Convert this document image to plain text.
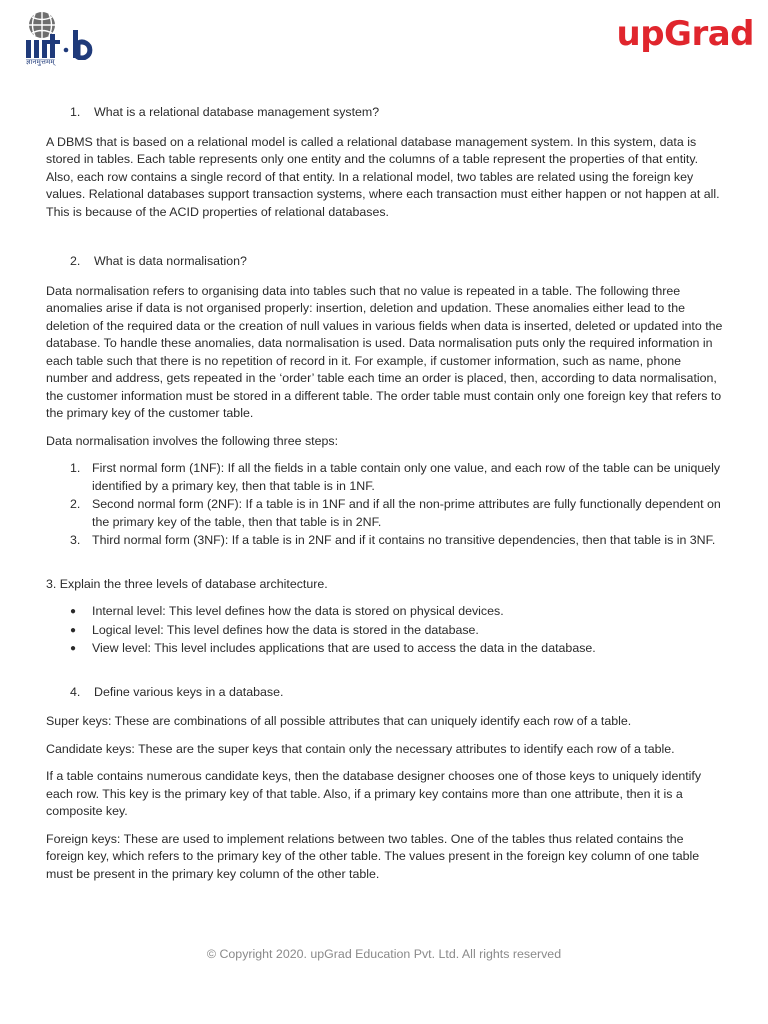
ज्ञानमुत्तमम्
upGrad
1.	What is a relational database management system?

A DBMS that is based on a relational model is called a relational database management system. In this system, data is stored in tables. Each table represents only one entity and the columns of a table represent the properties of that entity. Also, each row contains a single record of that entity. In a relational model, two tables are related using the foreign key values. Relational databases support transaction systems, where each transaction must either happen or not happen at all. This is because of the ACID properties of relational databases.

2.	What is data normalisation?

Data normalisation refers to organising data into tables such that no value is repeated in a table. The following three anomalies arise if data is not organised properly: insertion, deletion and updation. These anomalies either lead to the deletion of the required data or the creation of null values in various fields when data is inserted, deleted or updated into the database. To handle these anomalies, data normalisation is used. Data normalisation puts only the required information in each table such that there is no repetition of record in it. For example, if customer information, such as name, phone number and address, gets repeated in the ‘order’ table each time an order is placed, then, according to data normalisation, the customer information must be stored in a different table. The order table must contain only one foreign key that refers to the primary key of the customer table.

Data normalisation involves the following three steps:

1. First normal form (1NF): If all the fields in a table contain only one value, and each row of the table can be uniquely identified by a primary key, then that table is in 1NF.
2. Second normal form (2NF): If a table is in 1NF and if all the non-prime attributes are fully functionally dependent on the primary key of the table, then that table is in 2NF.
3. Third normal form (3NF): If a table is in 2NF and if it contains no transitive dependencies, then that table is in 3NF.

3. Explain the three levels of database architecture.

●	Internal level: This level defines how the data is stored on physical devices.
●	Logical level: This level defines how the data is stored in the database.
●	View level: This level includes applications that are used to access the data in the database.
4.	Define various keys in a database.

Super keys: These are combinations of all possible attributes that can uniquely identify each row of a table.

Candidate keys: These are the super keys that contain only the necessary attributes to identify each row of a table.

If a table contains numerous candidate keys, then the database designer chooses one of those keys to uniquely identify each row. This key is the primary key of that table. Also, if a primary key contains more than one attribute, then it is a composite key.

Foreign keys: These are used to implement relations between two tables. One of the tables thus related contains the foreign key, which refers to the primary key of the other table. The values present in the foreign key column of one table must be present in the primary key column of the other table.

© Copyright 2020. upGrad Education Pvt. Ltd. All rights reserved
